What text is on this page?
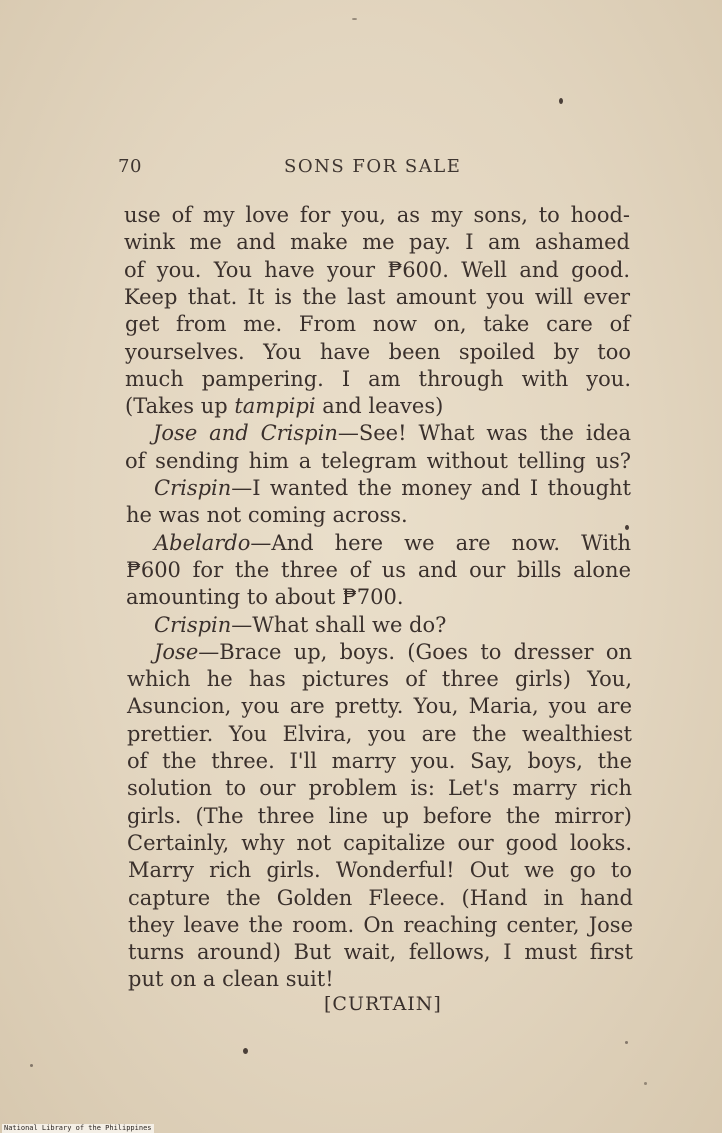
70	SONS FOR SALE
use of my love for you, as my sons, to hood-
wink me and make me pay. I am ashamed
of you. You have your ₱600. Well and good.
Keep that. It is the last amount you will ever
get from me. From now on, take care of
yourselves. You have been spoiled by too
much pampering. I am through with you.
(Takes up tampipi and leaves)
Jose and Crispin—See! What was the idea
of sending him a telegram without telling us?
Crispin—I wanted the money and I thought
he was not coming across.
Abelardo—And here we are now. With
₱600 for the three of us and our bills alone
amounting to about ₱700.
Crispin—What shall we do?
Jose—Brace up, boys. (Goes to dresser on
which he has pictures of three girls) You,
Asuncion, you are pretty. You, Maria, you are
prettier. You Elvira, you are the wealthiest
of the three. I'll marry you. Say, boys, the
solution to our problem is: Let's marry rich
girls. (The three line up before the mirror)
Certainly, why not capitalize our good looks.
Marry rich girls. Wonderful! Out we go to
capture the Golden Fleece. (Hand in hand
they leave the room. On reaching center, Jose
turns around) But wait, fellows, I must first
put on a clean suit!
[CURTAIN]
National Library of the Philippines
